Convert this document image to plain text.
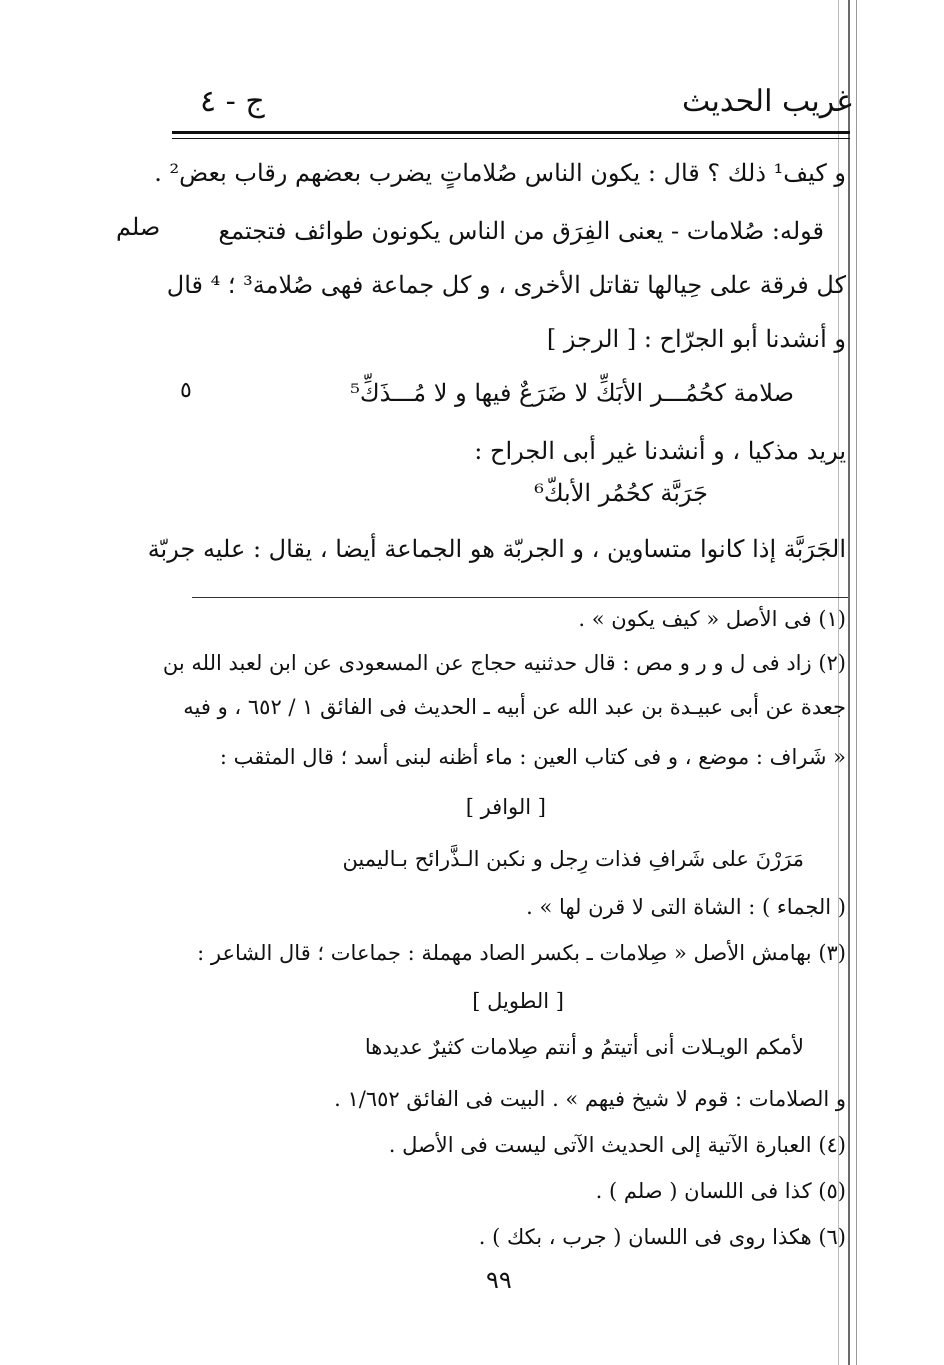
غريب الحديث
ج - ٤
و كيف¹ ذلك ؟ قال : يكون الناس صُلاماتٍ يضرب بعضهم رقاب بعض² .
قوله: صُلامات - يعنى الفِرَق من الناس يكونون طوائف فتجتمع
كل فرقة على حِيالها تقاتل الأخرى ، و كل جماعة فهى صُلامة³ ؛ ⁴ قال
و أنشدنا أبو الجرّاح : [ الرجز ]
صلامة كحُمُـــر الأبَكِّ لا ضَرَعٌ فيها و لا مُـــذَكِّ⁵
يريد مذكيا ، و أنشدنا غير أبى الجراح :
جَرَبَّة كحُمُر الأبكّ⁶
الجَرَبَّة إذا كانوا متساوين ، و الجربّة هو الجماعة أيضا ، يقال : عليه جربّة
صلم
٥
(١) فى الأصل « كيف يكون » .
(٢) زاد فى ل و ر و مص : قال حدثنيه حجاج عن المسعودى عن ابن لعبد الله بن
جعدة عن أبى عبيـدة بن عبد الله عن أبيه ـ الحديث فى الفائق ١ / ٦٥٢ ، و فيه
« شَراف : موضع ، و فى كتاب العين : ماء أظنه لبنى أسد ؛ قال المثقب :
[ الوافر ]
مَرَرْنَ على شَرافِ فذات رِجل و نكبن الـذَّرائح بـاليمين
( الجماء ) : الشاة التى لا قرن لها » .
(٣) بهامش الأصل « صِلامات ـ بكسر الصاد مهملة : جماعات ؛ قال الشاعر :
[ الطويل ]
لأمكم الويـلات أنى أتيتمُ و أنتم صِلامات كثيرٌ عديدها
و الصلامات : قوم لا شيخ فيهم » . البيت فى الفائق ١/٦٥٢ .
(٤) العبارة الآتية إلى الحديث الآتى ليست فى الأصل .
(٥) كذا فى اللسان ( صلم ) .
(٦) هكذا روى فى اللسان ( جرب ، بكك ) .
٩٩
